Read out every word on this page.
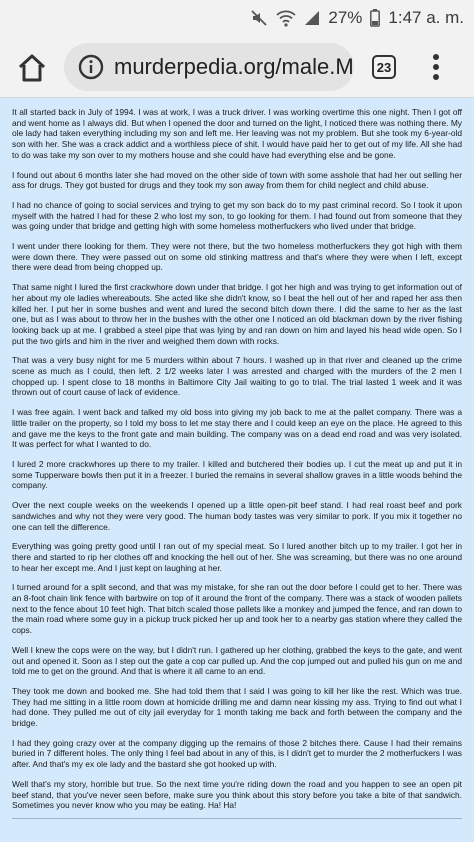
27% 1:47 a. m.
murderpedia.org/male.M	23

It all started back in July of 1994. I was at work, I was a truck driver. I was working overtime this one night. Then I got off and went home as I always did. But when I opened the door and turned on the light, I noticed there was nothing there. My ole lady had taken everything including my son and left me. Her leaving was not my problem. But she took my 6-year-old son with her. She was a crack addict and a worthless piece of shit. I would have paid her to get out of my life. All she had to do was take my son over to my mothers house and she could have had everything else and be gone.

I found out about 6 months later she had moved on the other side of town with some asshole that had her out selling her ass for drugs. They got busted for drugs and they took my son away from them for child neglect and child abuse.

I had no chance of going to social services and trying to get my son back do to my past criminal record. So I took it upon myself with the hatred I had for these 2 who lost my son, to go looking for them. I had found out from someone that they was going under that bridge and getting high with some homeless motherfuckers who lived under that bridge.

I went under there looking for them. They were not there, but the two homeless motherfuckers they got high with them were down there. They were passed out on some old stinking mattress and that's where they were when I left, except there were dead from being chopped up.

That same night I lured the first crackwhore down under that bridge. I got her high and was trying to get information out of her about my ole ladies whereabouts. She acted like she didn't know, so I beat the hell out of her and raped her ass then killed her. I put her in some bushes and went and lured the second bitch down there. I did the same to her as the last one, but as I was about to throw her in the bushes with the other one I noticed an old blackman down by the river fishing looking back up at me. I grabbed a steel pipe that was lying by and ran down on him and layed his head wide open. So I put the two girls and him in the river and weighed them down with rocks.

That was a very busy night for me 5 murders within about 7 hours. I washed up in that river and cleaned up the crime scene as much as I could, then left. 2 1/2 weeks later I was arrested and charged with the murders of the 2 men I chopped up. I spent close to 18 months in Baltimore City Jail waiting to go to trial. The trial lasted 1 week and it was thrown out of court cause of lack of evidence.

I was free again. I went back and talked my old boss into giving my job back to me at the pallet company. There was a little trailer on the property, so I told my boss to let me stay there and I could keep an eye on the place. He agreed to this and gave me the keys to the front gate and main building. The company was on a dead end road and was very isolated. It was perfect for what I wanted to do.

I lured 2 more crackwhores up there to my trailer. I killed and butchered their bodies up. I cut the meat up and put it in some Tupperware bowls then put it in a freezer. I buried the remains in several shallow graves in a little woods behind the company.

Over the next couple weeks on the weekends I opened up a little open-pit beef stand. I had real roast beef and pork sandwiches and why not they were very good. The human body tastes was very similar to pork. If you mix it together no one can tell the difference.

Everything was going pretty good until I ran out of my special meat. So I lured another bitch up to my trailer. I got her in there and started to rip her clothes off and knocking the hell out of her. She was screaming, but there was no one around to hear her except me. And I just kept on laughing at her.

I turned around for a split second, and that was my mistake, for she ran out the door before I could get to her. There was an 8-foot chain link fence with barbwire on top of it around the front of the company. There was a stack of wooden pallets next to the fence about 10 feet high. That bitch scaled those pallets like a monkey and jumped the fence, and ran down to the main road where some guy in a pickup truck picked her up and took her to a nearby gas station where they called the cops.

Well I knew the cops were on the way, but I didn't run. I gathered up her clothing, grabbed the keys to the gate, and went out and opened it. Soon as I step out the gate a cop car pulled up. And the cop jumped out and pulled his gun on me and told me to get on the ground. And that is where it all came to an end.

They took me down and booked me. She had told them that I said I was going to kill her like the rest. Which was true. They had me sitting in a little room down at homicide drilling me and damn near kissing my ass. Trying to find out what I had done. They pulled me out of city jail everyday for 1 month taking me back and forth between the company and the bridge.

I had they going crazy over at the company digging up the remains of those 2 bitches there. Cause I had their remains buried in 7 different holes. The only thing I feel bad about in any of this, is I didn't get to murder the 2 motherfuckers I was after. And that's my ex ole lady and the bastard she got hooked up with.

Well that's my story, horrible but true. So the next time you're riding down the road and you happen to see an open pit beef stand, that you've never seen before, make sure you think about this story before you take a bite of that sandwich. Sometimes you never know who you may be eating. Ha! Ha!
